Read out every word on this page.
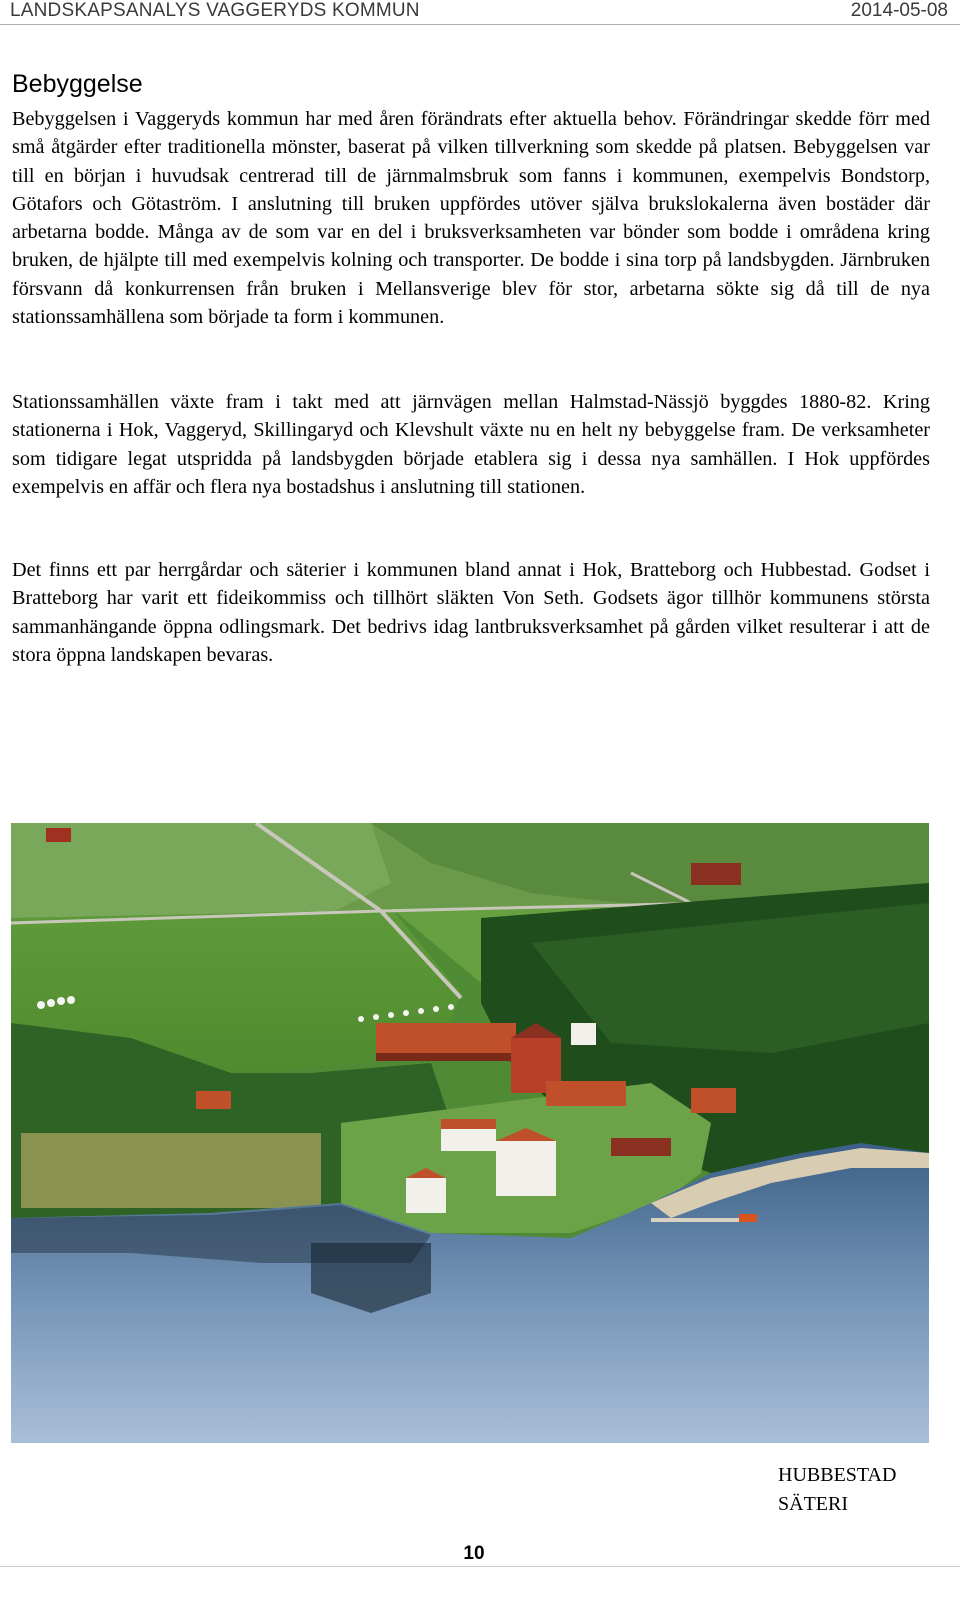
LANDSKAPSANALYS VAGGERYDS KOMMUN	2014-05-08
Bebyggelse

Bebyggelsen i Vaggeryds kommun har med åren förändrats efter aktuella behov. Förändringar skedde förr med små åtgärder efter traditionella mönster, baserat på vilken tillverkning som skedde på platsen. Bebyggelsen var till en början i huvudsak centrerad till de järnmalmsbruk som fanns i kommunen, exempelvis Bondstorp, Götafors och Götaström. I anslutning till bruken uppfördes utöver själva brukslokalerna även bostäder där arbetarna bodde. Många av de som var en del i bruksverksamheten var bönder som bodde i områdena kring bruken, de hjälpte till med exempelvis kolning och transporter. De bodde i sina torp på landsbygden. Järnbruken försvann då konkurrensen från bruken i Mellansverige blev för stor, arbetarna sökte sig då till de nya stationssamhällena som började ta form i kommunen.

Stationssamhällen växte fram i takt med att järnvägen mellan Halmstad-Nässjö byggdes 1880-82. Kring stationerna i Hok, Vaggeryd, Skillingaryd och Klevshult växte nu en helt ny bebyggelse fram. De verksamheter som tidigare legat utspridda på landsbygden började etablera sig i dessa nya samhällen. I Hok uppfördes exempelvis en affär och flera nya bostadshus i anslutning till stationen.

Det finns ett par herrgårdar och säterier i kommunen bland annat i Hok, Bratteborg och Hubbestad. Godset i Bratteborg har varit ett fideikommiss och tillhört släkten Von Seth. Godsets ägor tillhör kommunens största sammanhängande öppna odlingsmark. Det bedrivs idag lantbruksverksamhet på gården vilket resulterar i att de stora öppna landskapen bevaras.

HUBBESTAD
SÄTERI
10
